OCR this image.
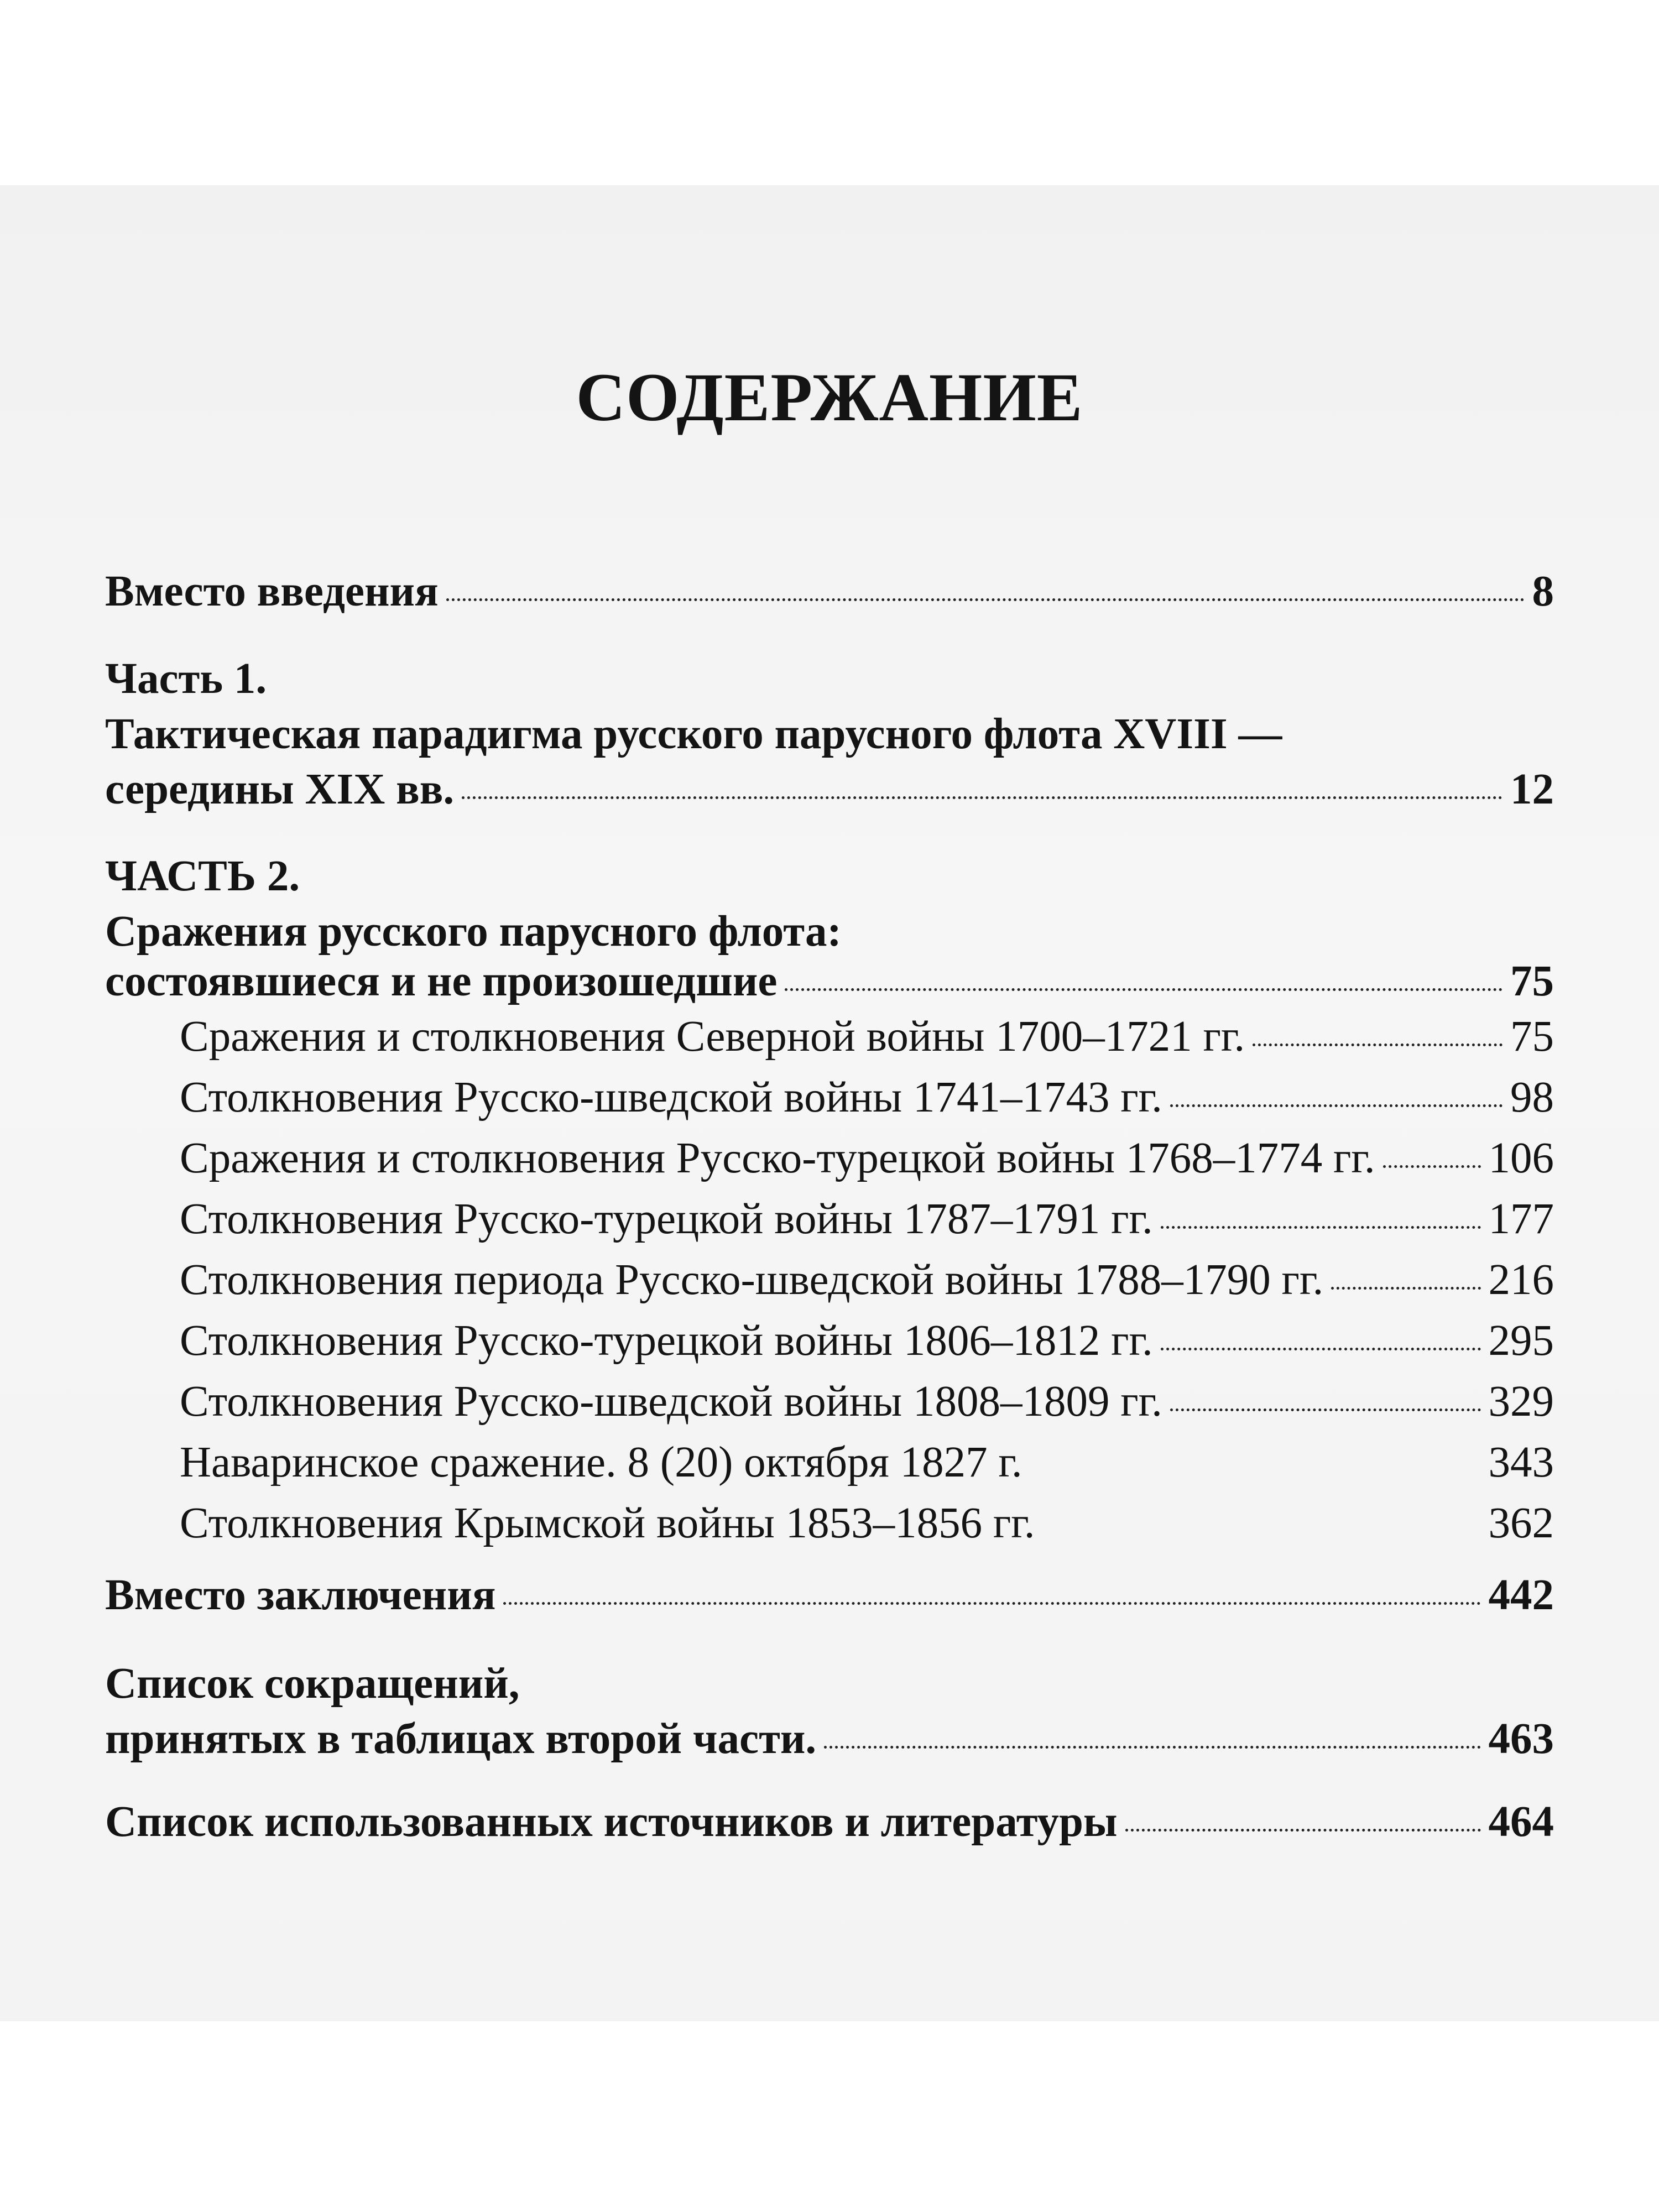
СОДЕРЖАНИЕ
Вместо введения	8
Часть 1.
Тактическая парадигма русского парусного флота XVIII —
середины XIX вв.	12
ЧАСТЬ 2.
Сражения русского парусного флота:
состоявшиеся и не произошедшие	75
Сражения и столкновения Северной войны 1700–1721 гг.	75
Столкновения Русско-шведской войны 1741–1743 гг.	98
Сражения и столкновения Русско-турецкой войны 1768–1774 гг.	106
Столкновения Русско-турецкой войны 1787–1791 гг.	177
Столкновения периода Русско-шведской войны 1788–1790 гг.	216
Столкновения Русско-турецкой войны 1806–1812 гг.	295
Столкновения Русско-шведской войны 1808–1809 гг.	329
Наваринское сражение. 8 (20) октября 1827 г.	343
Столкновения Крымской войны 1853–1856 гг.	362
Вместо заключения	442
Список сокращений,
принятых в таблицах второй части.	463
Список использованных источников и литературы	464
